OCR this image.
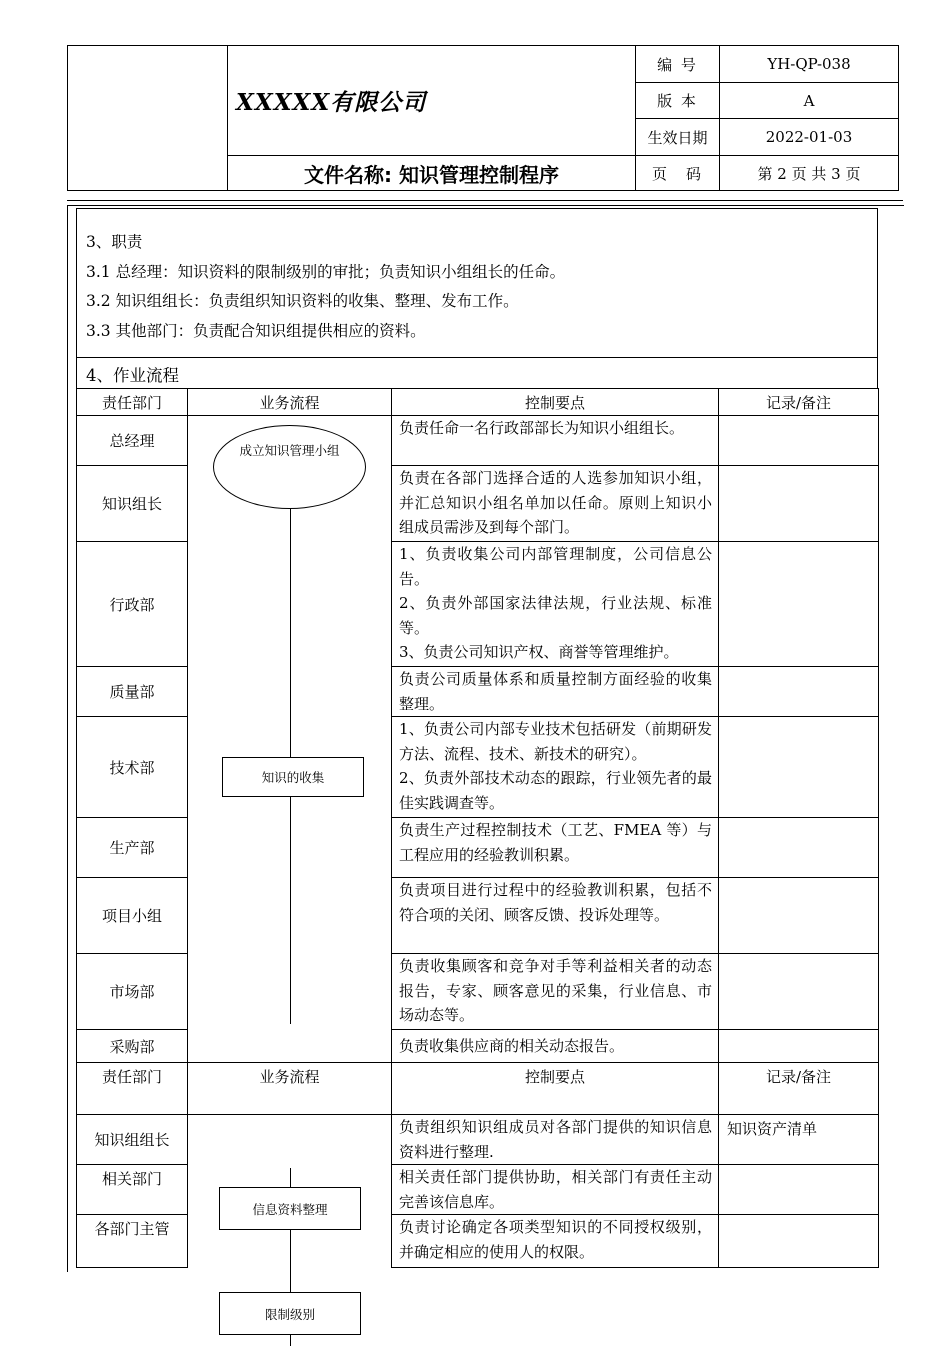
	XXXXX有限公司	编 号	YH-QP-038
		版 本	A
		生效日期	2022-01-03
	文件名称: 知识管理控制程序	页　码	第 2 页 共 3 页
3、职责
3.1 总经理：知识资料的限制级别的审批；负责知识小组组长的任命。
3.2 知识组组长：负责组织知识资料的收集、整理、发布工作。
3.3 其他部门：负责配合知识组提供相应的资料。
4、作业流程
责任部门	业务流程	控制要点	记录/备注
总经理		负责任命一名行政部部长为知识小组组长。	
知识组长		负责在各部门选择合适的人选参加知识小组，并汇总知识小组名单加以任命。原则上知识小组成员需涉及到每个部门。	
行政部		1、负责收集公司内部管理制度，公司信息公告。
2、负责外部国家法律法规，行业法规、标准等。
3、负责公司知识产权、商誉等管理维护。	
质量部		负责公司质量体系和质量控制方面经验的收集整理。	
技术部		1、负责公司内部专业技术包括研发（前期研发方法、流程、技术、新技术的研究）。
2、负责外部技术动态的跟踪，行业领先者的最佳实践调查等。	
生产部		负责生产过程控制技术（工艺、FMEA 等）与工程应用的经验教训积累。	
项目小组		负责项目进行过程中的经验教训积累，包括不符合项的关闭、顾客反馈、投诉处理等。	
市场部		负责收集顾客和竞争对手等利益相关者的动态报告，专家、顾客意见的采集，行业信息、市场动态等。	
采购部		负责收集供应商的相关动态报告。	
责任部门	业务流程	控制要点	记录/备注
知识组组长		负责组织知识组成员对各部门提供的知识信息资料进行整理.	知识资产清单
相关部门		相关责任部门提供协助，相关部门有责任主动完善该信息库。	
各部门主管		负责讨论确定各项类型知识的不同授权级别，并确定相应的使用人的权限。	
成立知识管理小组
知识的收集
信息资料整理
限制级别
